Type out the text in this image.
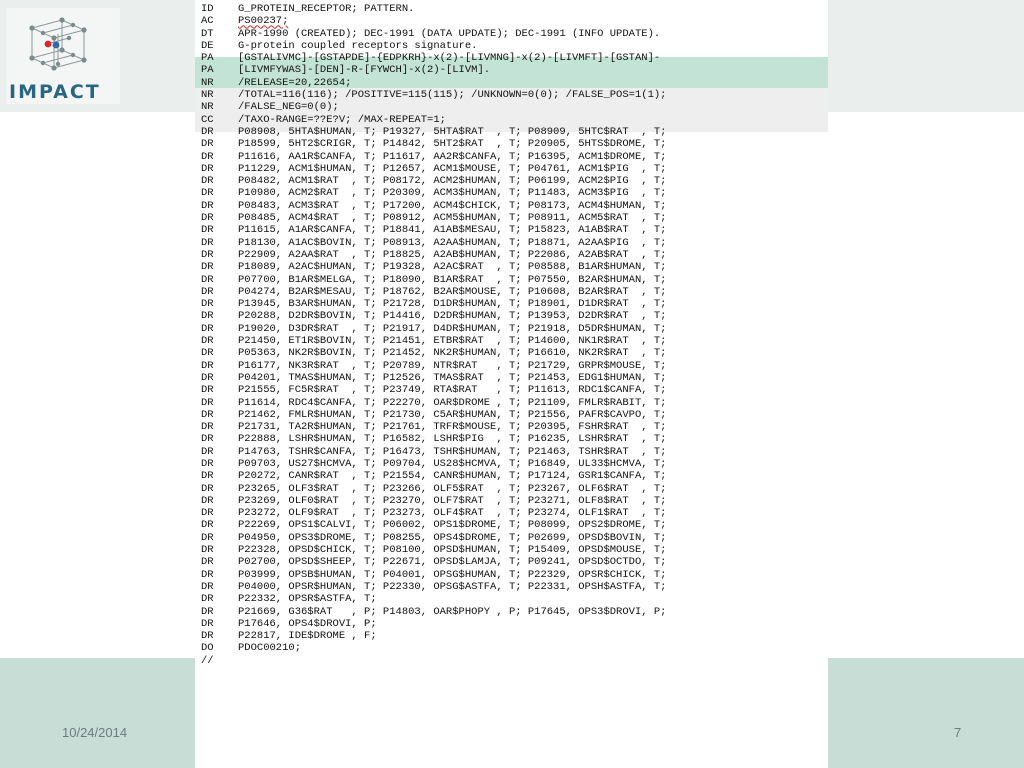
IMPACT
ID G_PROTEIN_RECEPTOR; PATTERN.
AC PS00237;
DT APR-1990 (CREATED); DEC-1991 (DATA UPDATE); DEC-1991 (INFO UPDATE).
DE G-protein coupled receptors signature.
PA [GSTALIVMC]-[GSTAPDE]-{EDPKRH}-x(2)-[LIVMNG]-x(2)-[LIVMFT]-[GSTAN]-
PA [LIVMFYWAS]-[DEN]-R-[FYWCH]-x(2)-[LIVM].
NR /RELEASE=20,22654;
NR /TOTAL=116(116); /POSITIVE=115(115); /UNKNOWN=0(0); /FALSE_POS=1(1);
NR /FALSE_NEG=0(0);
CC /TAXO-RANGE=??E?V; /MAX-REPEAT=1;
DR P08908, 5HTA$HUMAN, T; P19327, 5HTA$RAT  , T; P08909, 5HTC$RAT  , T;
DR P18599, 5HT2$CRIGR, T; P14842, 5HT2$RAT  , T; P20905, 5HTS$DROME, T;
DR P11616, AA1R$CANFA, T; P11617, AA2R$CANFA, T; P16395, ACM1$DROME, T;
DR P11229, ACM1$HUMAN, T; P12657, ACM1$MOUSE, T; P04761, ACM1$PIG  , T;
DR P08482, ACM1$RAT  , T; P08172, ACM2$HUMAN, T; P06199, ACM2$PIG  , T;
DR P10980, ACM2$RAT  , T; P20309, ACM3$HUMAN, T; P11483, ACM3$PIG  , T;
DR P08483, ACM3$RAT  , T; P17200, ACM4$CHICK, T; P08173, ACM4$HUMAN, T;
DR P08485, ACM4$RAT  , T; P08912, ACM5$HUMAN, T; P08911, ACM5$RAT  , T;
DR P11615, A1AR$CANFA, T; P18841, A1AB$MESAU, T; P15823, A1AB$RAT  , T;
DR P18130, A1AC$BOVIN, T; P08913, A2AA$HUMAN, T; P18871, A2AA$PIG  , T;
DR P22909, A2AA$RAT  , T; P18825, A2AB$HUMAN, T; P22086, A2AB$RAT  , T;
DR P18089, A2AC$HUMAN, T; P19328, A2AC$RAT  , T; P08588, B1AR$HUMAN, T;
DR P07700, B1AR$MELGA, T; P18090, B1AR$RAT  , T; P07550, B2AR$HUMAN, T;
DR P04274, B2AR$MESAU, T; P18762, B2AR$MOUSE, T; P10608, B2AR$RAT  , T;
DR P13945, B3AR$HUMAN, T; P21728, D1DR$HUMAN, T; P18901, D1DR$RAT  , T;
DR P20288, D2DR$BOVIN, T; P14416, D2DR$HUMAN, T; P13953, D2DR$RAT  , T;
DR P19020, D3DR$RAT  , T; P21917, D4DR$HUMAN, T; P21918, D5DR$HUMAN, T;
DR P21450, ET1R$BOVIN, T; P21451, ETBR$RAT  , T; P14600, NK1R$RAT  , T;
DR P05363, NK2R$BOVIN, T; P21452, NK2R$HUMAN, T; P16610, NK2R$RAT  , T;
DR P16177, NK3R$RAT  , T; P20789, NTR$RAT   , T; P21729, GRPR$MOUSE, T;
DR P04201, TMAS$HUMAN, T; P12526, TMAS$RAT  , T; P21453, EDG1$HUMAN, T;
DR P21555, FC5R$RAT  , T; P23749, RTA$RAT   , T; P11613, RDC1$CANFA, T;
DR P11614, RDC4$CANFA, T; P22270, OAR$DROME , T; P21109, FMLR$RABIT, T;
DR P21462, FMLR$HUMAN, T; P21730, C5AR$HUMAN, T; P21556, PAFR$CAVPO, T;
DR P21731, TA2R$HUMAN, T; P21761, TRFR$MOUSE, T; P20395, FSHR$RAT  , T;
DR P22888, LSHR$HUMAN, T; P16582, LSHR$PIG  , T; P16235, LSHR$RAT  , T;
DR P14763, TSHR$CANFA, T; P16473, TSHR$HUMAN, T; P21463, TSHR$RAT  , T;
DR P09703, US27$HCMVA, T; P09704, US28$HCMVA, T; P16849, UL33$HCMVA, T;
DR P20272, CANR$RAT  , T; P21554, CANR$HUMAN, T; P17124, GSR1$CANFA, T;
DR P23265, OLF3$RAT  , T; P23266, OLF5$RAT  , T; P23267, OLF6$RAT  , T;
DR P23269, OLF0$RAT  , T; P23270, OLF7$RAT  , T; P23271, OLF8$RAT  , T;
DR P23272, OLF9$RAT  , T; P23273, OLF4$RAT  , T; P23274, OLF1$RAT  , T;
DR P22269, OPS1$CALVI, T; P06002, OPS1$DROME, T; P08099, OPS2$DROME, T;
DR P04950, OPS3$DROME, T; P08255, OPS4$DROME, T; P02699, OPSD$BOVIN, T;
DR P22328, OPSD$CHICK, T; P08100, OPSD$HUMAN, T; P15409, OPSD$MOUSE, T;
DR P02700, OPSD$SHEEP, T; P22671, OPSD$LAMJA, T; P09241, OPSD$OCTDO, T;
DR P03999, OPSB$HUMAN, T; P04001, OPSG$HUMAN, T; P22329, OPSR$CHICK, T;
DR P04000, OPSR$HUMAN, T; P22330, OPSG$ASTFA, T; P22331, OPSH$ASTFA, T;
DR P22332, OPSR$ASTFA, T;
DR P21669, G36$RAT   , P; P14803, OAR$PHOPY , P; P17645, OPS3$DROVI, P;
DR P17646, OPS4$DROVI, P;
DR P22817, IDE$DROME , F;
DO PDOC00210;
//
10/24/2014	7
